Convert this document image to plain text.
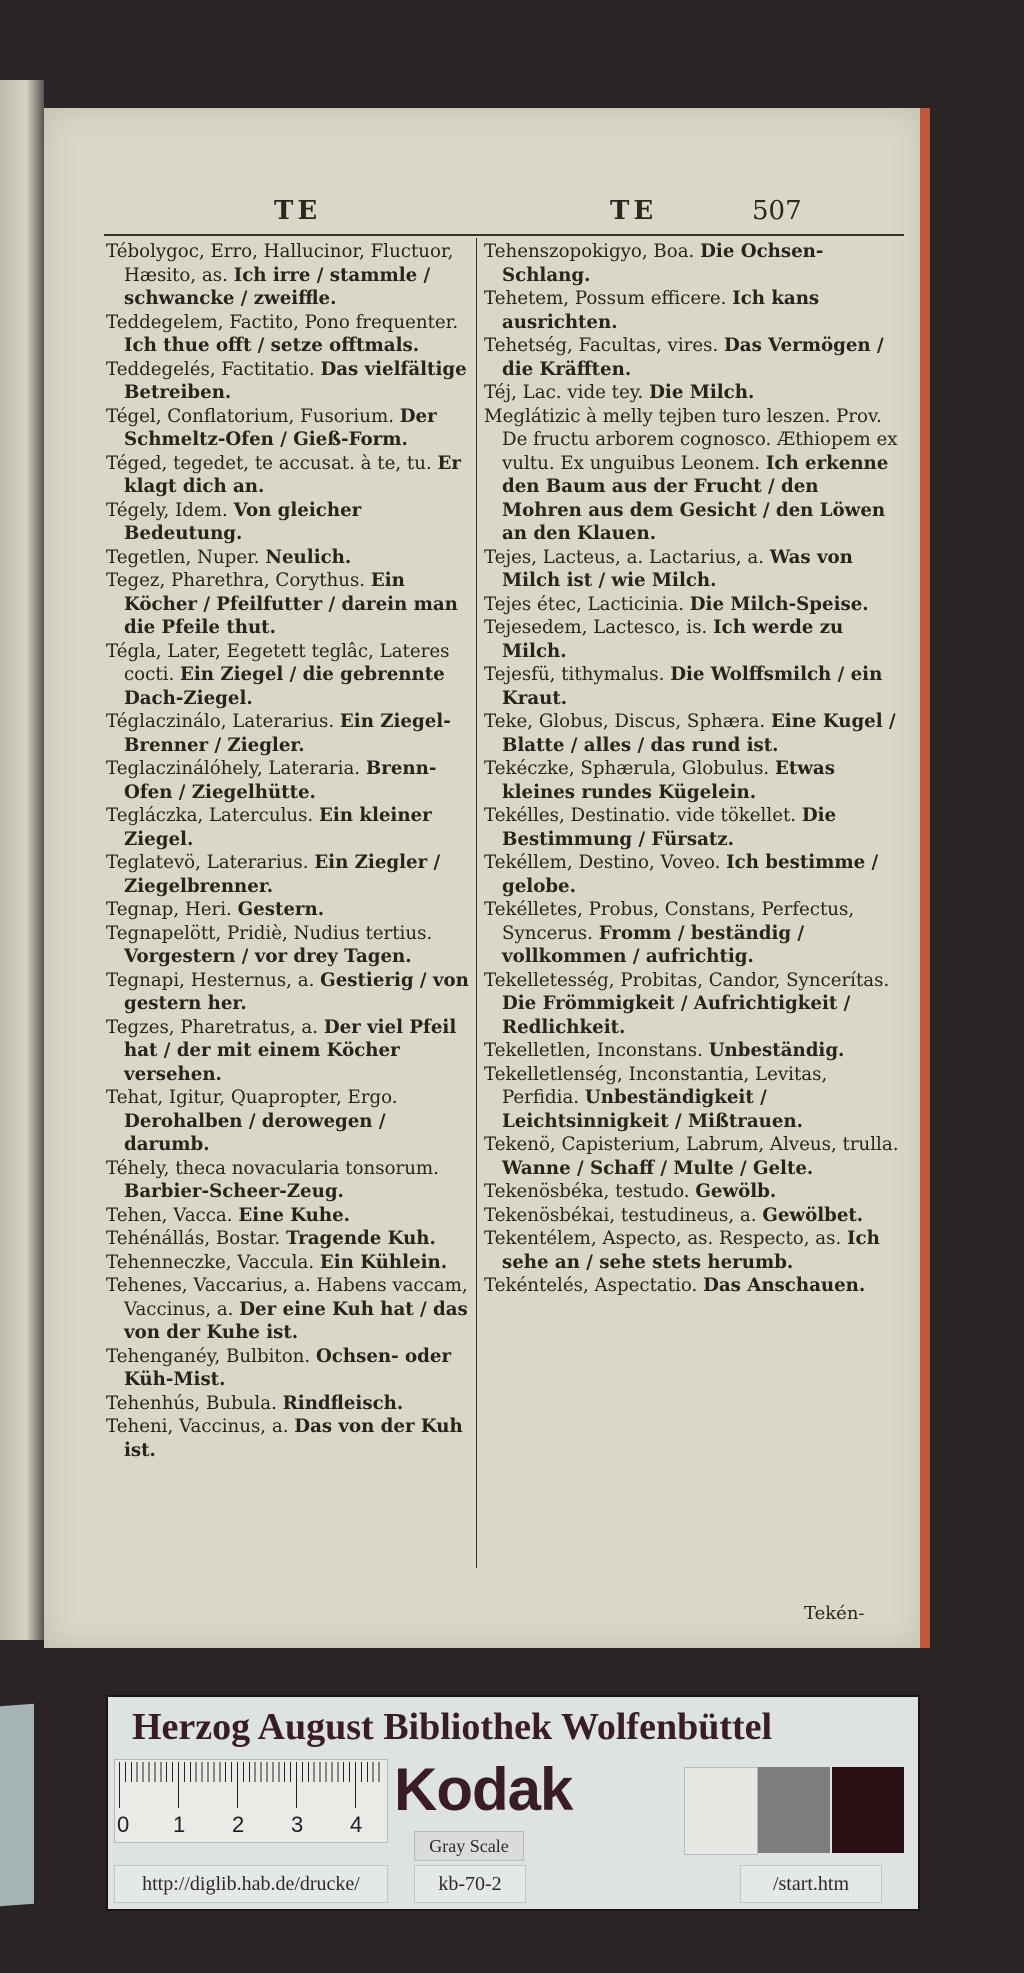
TE	TE	507

Tébolygoc, Erro, Hallucinor, Fluctuor, Hæsito, as. Ich irre / stammle / schwancke / zweiffle.

Teddegelem, Factito, Pono frequenter. Ich thue offt / setze offtmals.

Teddegelés, Factitatio. Das vielfältige Betreiben.

Tégel, Conflatorium, Fusorium. Der Schmeltz-Ofen / Gieß-Form.

Téged, tegedet, te accusat. à te, tu. Er klagt dich an.

Tégely, Idem. Von gleicher Bedeutung.

Tegetlen, Nuper. Neulich.

Tegez, Pharethra, Corythus. Ein Köcher / Pfeilfutter / darein man die Pfeile thut.

Tégla, Later, Eegetett teglâc, Lateres cocti. Ein Ziegel / die gebrennte Dach-Ziegel.

Téglaczinálo, Laterarius. Ein Ziegel-Brenner / Ziegler.

Teglaczinálóhely, Lateraria. Brenn-Ofen / Ziegelhütte.

Tegláczka, Laterculus. Ein kleiner Ziegel.

Teglatevö, Laterarius. Ein Ziegler / Ziegelbrenner.

Tegnap, Heri. Gestern.

Tegnapelött, Pridiè, Nudius tertius. Vorgestern / vor drey Tagen.

Tegnapi, Hesternus, a. Gestierig / von gestern her.

Tegzes, Pharetratus, a. Der viel Pfeil hat / der mit einem Köcher versehen.

Tehat, Igitur, Quapropter, Ergo. Derohalben / derowegen / darumb.

Téhely, theca novacularia tonsorum. Barbier-Scheer-Zeug.

Tehen, Vacca. Eine Kuhe.

Tehénállás, Bostar. Tragende Kuh.

Tehenneczke, Vaccula. Ein Kühlein.

Tehenes, Vaccarius, a. Habens vaccam, Vaccinus, a. Der eine Kuh hat / das von der Kuhe ist.

Tehenganéy, Bulbiton. Ochsen- oder Küh-Mist.

Tehenhús, Bubula. Rindfleisch.

Teheni, Vaccinus, a. Das von der Kuh ist.

Tehenszopokigyo, Boa. Die Ochsen-Schlang.

Tehetem, Possum efficere. Ich kans ausrichten.

Tehetség, Facultas, vires. Das Vermögen / die Kräfften.

Téj, Lac. vide tey. Die Milch.

Meglátizic à melly tejben turo leszen. Prov. De fructu arborem cognosco. Æthiopem ex vultu. Ex unguibus Leonem. Ich erkenne den Baum aus der Frucht / den Mohren aus dem Gesicht / den Löwen an den Klauen.

Tejes, Lacteus, a. Lactarius, a. Was von Milch ist / wie Milch.

Tejes étec, Lacticinia. Die Milch-Speise.

Tejesedem, Lactesco, is. Ich werde zu Milch.

Tejesfü, tithymalus. Die Wolffsmilch / ein Kraut.

Teke, Globus, Discus, Sphæra. Eine Kugel / Blatte / alles / das rund ist.

Tekéczke, Sphærula, Globulus. Etwas kleines rundes Kügelein.

Tekélles, Destinatio. vide tökellet. Die Bestimmung / Fürsatz.

Tekéllem, Destino, Voveo. Ich bestimme / gelobe.

Tekélletes, Probus, Constans, Perfectus, Syncerus. Fromm / beständig / vollkommen / aufrichtig.

Tekelletesség, Probitas, Candor, Syncerítas. Die Frömmigkeit / Aufrichtigkeit / Redlichkeit.

Tekelletlen, Inconstans. Unbeständig.

Tekelletlenség, Inconstantia, Levitas, Perfidia. Unbeständigkeit / Leichtsinnigkeit / Mißtrauen.

Tekenö, Capisterium, Labrum, Alveus, trulla. Wanne / Schaff / Multe / Gelte.

Tekenösbéka, testudo. Gewölb.

Tekenösbékai, testudineus, a. Gewölbet.

Tekentélem, Aspecto, as. Respecto, as. Ich sehe an / sehe stets herumb.

Tekéntelés, Aspectatio. Das Anschauen.

Tekén-
Herzog August Bibliothek Wolfenbüttel
0 1 2 3 4
Kodak
Gray Scale
http://diglib.hab.de/drucke/	kb-70-2	/start.htm
